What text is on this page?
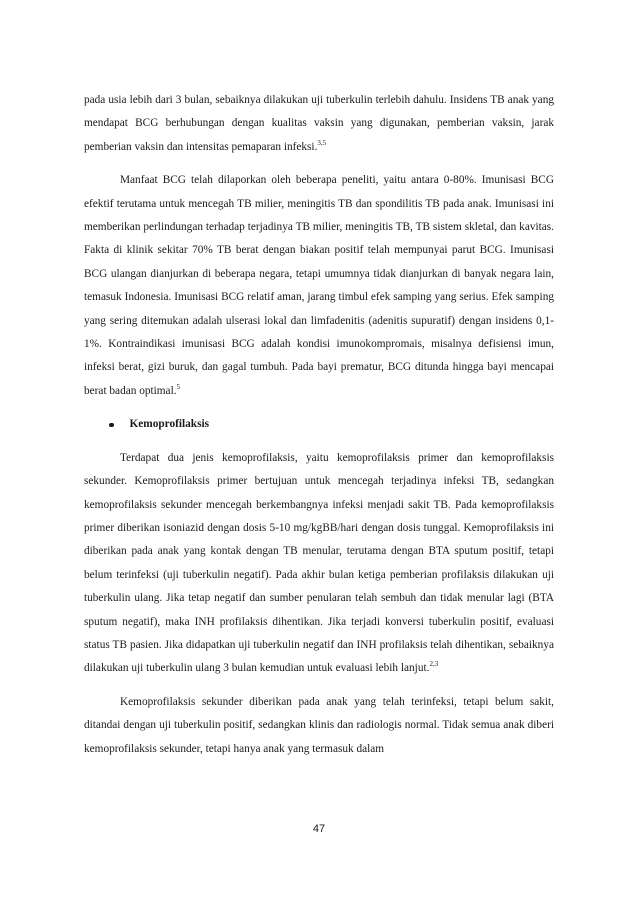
pada usia lebih dari 3 bulan, sebaiknya dilakukan uji tuberkulin terlebih dahulu. Insidens TB anak yang mendapat BCG berhubungan dengan kualitas vaksin yang digunakan, pemberian vaksin, jarak pemberian vaksin dan intensitas pemaparan infeksi.$^{3,5}$

Manfaat BCG telah dilaporkan oleh beberapa peneliti, yaitu antara 0-80%. Imunisasi BCG efektif terutama untuk mencegah TB milier, meningitis TB dan spondilitis TB pada anak. Imunisasi ini memberikan perlindungan terhadap terjadinya TB milier, meningitis TB, TB sistem skletal, dan kavitas. Fakta di klinik sekitar 70% TB berat dengan biakan positif telah mempunyai parut BCG. Imunisasi BCG ulangan dianjurkan di beberapa negara, tetapi umumnya tidak dianjurkan di banyak negara lain, temasuk Indonesia. Imunisasi BCG relatif aman, jarang timbul efek samping yang serius. Efek samping yang sering ditemukan adalah ulserasi lokal dan limfadenitis (adenitis supuratif) dengan insidens 0,1-1%. Kontraindikasi imunisasi BCG adalah kondisi imunokompromais, misalnya defisiensi imun, infeksi berat, gizi buruk, dan gagal tumbuh. Pada bayi prematur, BCG ditunda hingga bayi mencapai berat badan optimal.$^5$

Kemoprofilaksis

Terdapat dua jenis kemoprofilaksis, yaitu kemoprofilaksis primer dan kemoprofilaksis sekunder. Kemoprofilaksis primer bertujuan untuk mencegah terjadinya infeksi TB, sedangkan kemoprofilaksis sekunder mencegah berkembangnya infeksi menjadi sakit TB. Pada kemoprofilaksis primer diberikan isoniazid dengan dosis 5-10 mg/kgBB/hari dengan dosis tunggal. Kemoprofilaksis ini diberikan pada anak yang kontak dengan TB menular, terutama dengan BTA sputum positif, tetapi belum terinfeksi (uji tuberkulin negatif). Pada akhir bulan ketiga pemberian profilaksis dilakukan uji tuberkulin ulang. Jika tetap negatif dan sumber penularan telah sembuh dan tidak menular lagi (BTA sputum negatif), maka INH profilaksis dihentikan. Jika terjadi konversi tuberkulin positif, evaluasi status TB pasien. Jika didapatkan uji tuberkulin negatif dan INH profilaksis telah dihentikan, sebaiknya dilakukan uji tuberkulin ulang 3 bulan kemudian untuk evaluasi lebih lanjut.$^{2,3}$

Kemoprofilaksis sekunder diberikan pada anak yang telah terinfeksi, tetapi belum sakit, ditandai dengan uji tuberkulin positif, sedangkan klinis dan radiologis normal. Tidak semua anak diberi kemoprofilaksis sekunder, tetapi hanya anak yang termasuk dalam

47
